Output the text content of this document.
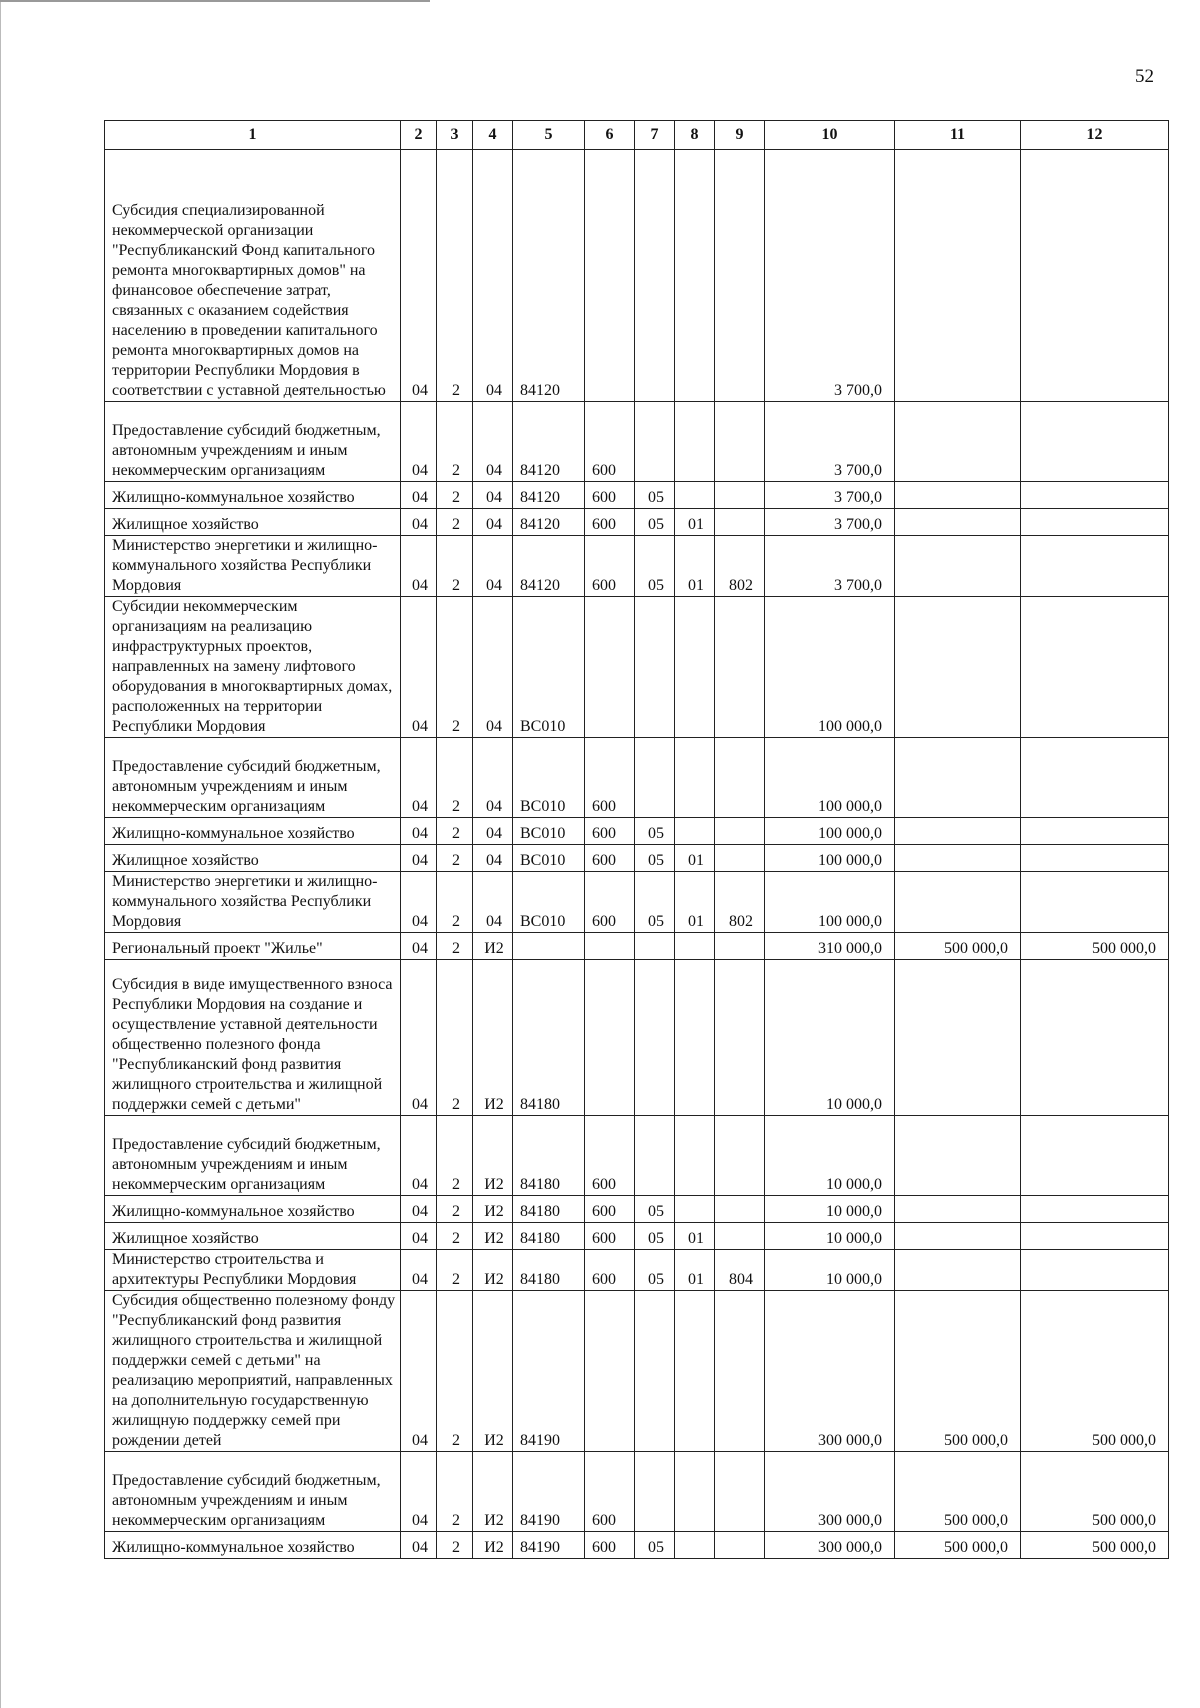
52
1	2	3	4	5	6	7	8	9	10	11	12
Субсидия специализированной некоммерческой организации "Республиканский Фонд капитального ремонта многоквартирных домов" на финансовое обеспечение затрат, связанных с оказанием содействия населению в проведении капитального ремонта многоквартирных домов на территории Республики Мордовия в соответствии с уставной деятельностью	04	2	04	84120					3 700,0		
Предоставление субсидий бюджетным, автономным учреждениям и иным некоммерческим организациям	04	2	04	84120	600				3 700,0		
Жилищно-коммунальное хозяйство	04	2	04	84120	600	05			3 700,0		
Жилищное хозяйство	04	2	04	84120	600	05	01		3 700,0		
Министерство энергетики и жилищно-коммунального хозяйства Республики Мордовия	04	2	04	84120	600	05	01	802	3 700,0		
Субсидии некоммерческим организациям на реализацию инфраструктурных проектов, направленных на замену лифтового оборудования в многоквартирных домах, расположенных на территории Республики Мордовия	04	2	04	ВС010					100 000,0		
Предоставление субсидий бюджетным, автономным учреждениям и иным некоммерческим организациям	04	2	04	ВС010	600				100 000,0		
Жилищно-коммунальное хозяйство	04	2	04	ВС010	600	05			100 000,0		
Жилищное хозяйство	04	2	04	ВС010	600	05	01		100 000,0		
Министерство энергетики и жилищно-коммунального хозяйства Республики Мордовия	04	2	04	ВС010	600	05	01	802	100 000,0		
Региональный проект "Жилье"	04	2	И2						310 000,0	500 000,0	500 000,0
Субсидия в виде имущественного взноса Республики Мордовия на создание и осуществление уставной деятельности общественно полезного фонда "Республиканский фонд развития жилищного строительства и жилищной поддержки семей с детьми"	04	2	И2	84180					10 000,0		
Предоставление субсидий бюджетным, автономным учреждениям и иным некоммерческим организациям	04	2	И2	84180	600				10 000,0		
Жилищно-коммунальное хозяйство	04	2	И2	84180	600	05			10 000,0		
Жилищное хозяйство	04	2	И2	84180	600	05	01		10 000,0		
Министерство строительства и архитектуры Республики Мордовия	04	2	И2	84180	600	05	01	804	10 000,0		
Субсидия общественно полезному фонду "Республиканский фонд развития жилищного строительства и жилищной поддержки семей с детьми" на реализацию мероприятий, направленных на дополнительную государственную жилищную поддержку семей при рождении детей	04	2	И2	84190					300 000,0	500 000,0	500 000,0
Предоставление субсидий бюджетным, автономным учреждениям и иным некоммерческим организациям	04	2	И2	84190	600				300 000,0	500 000,0	500 000,0
Жилищно-коммунальное хозяйство	04	2	И2	84190	600	05			300 000,0	500 000,0	500 000,0
